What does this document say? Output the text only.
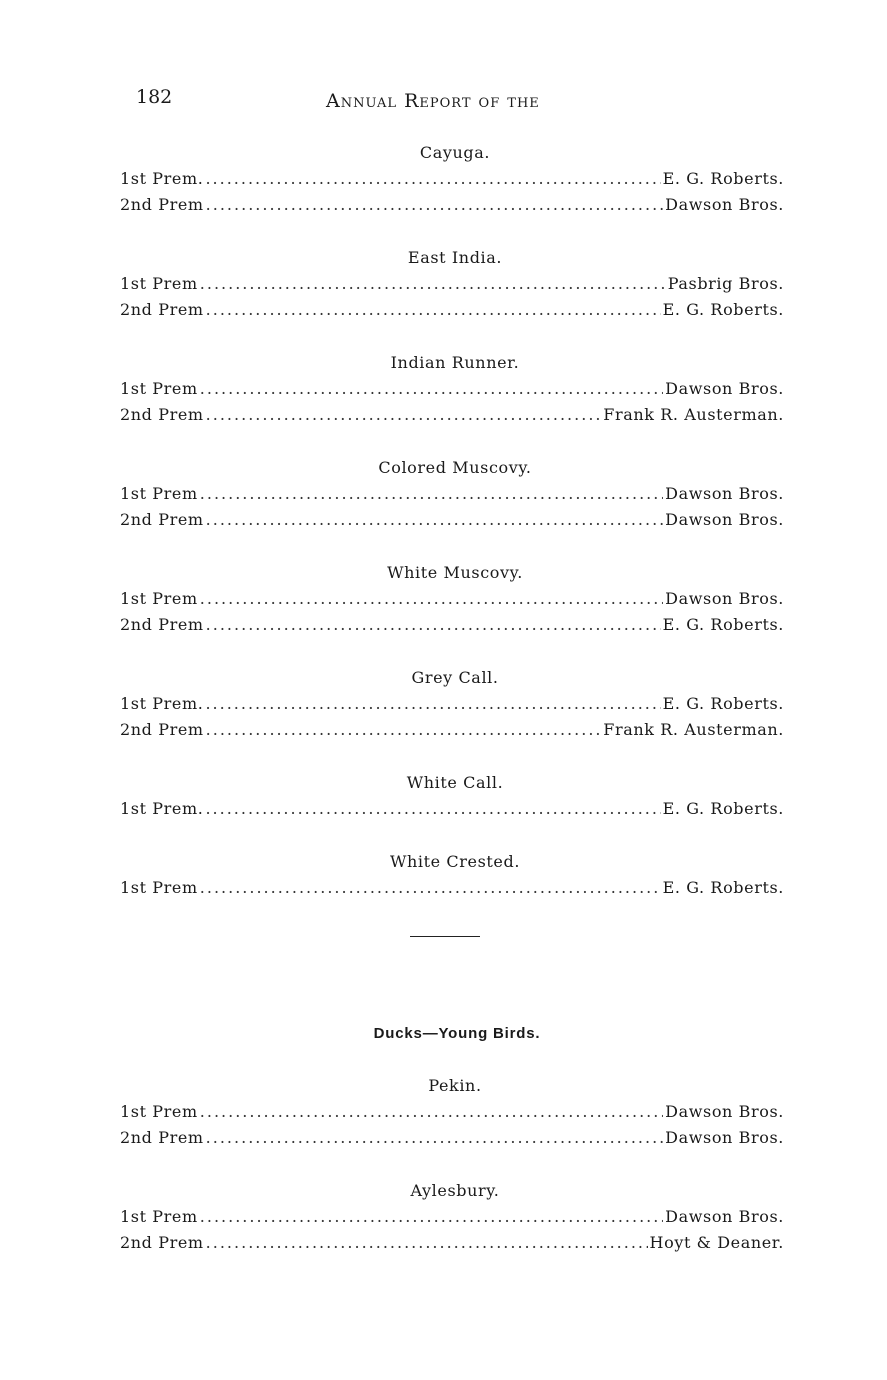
182	Annual Report of the
Cayuga.
1st Prem. .....	E. G. Roberts.
2nd Prem .....	Dawson Bros.
East India.
1st Prem .....	Pasbrig Bros.
2nd Prem .....	E. G. Roberts.
Indian Runner.
1st Prem .....	Dawson Bros.
2nd Prem .....	Frank R. Austerman.
Colored Muscovy.
1st Prem .....	Dawson Bros.
2nd Prem .....	Dawson Bros.
White Muscovy.
1st Prem .....	Dawson Bros.
2nd Prem .....	E. G. Roberts.
Grey Call.
1st Prem. .....	E. G. Roberts.
2nd Prem .....	Frank R. Austerman.
White Call.
1st Prem. .....	E. G. Roberts.
White Crested.
1st Prem .....	E. G. Roberts.
Ducks—Young Birds.
Pekin.
1st Prem .....	Dawson Bros.
2nd Prem .....	Dawson Bros.
Aylesbury.
1st Prem .....	Dawson Bros.
2nd Prem .....	Hoyt & Deaner.
